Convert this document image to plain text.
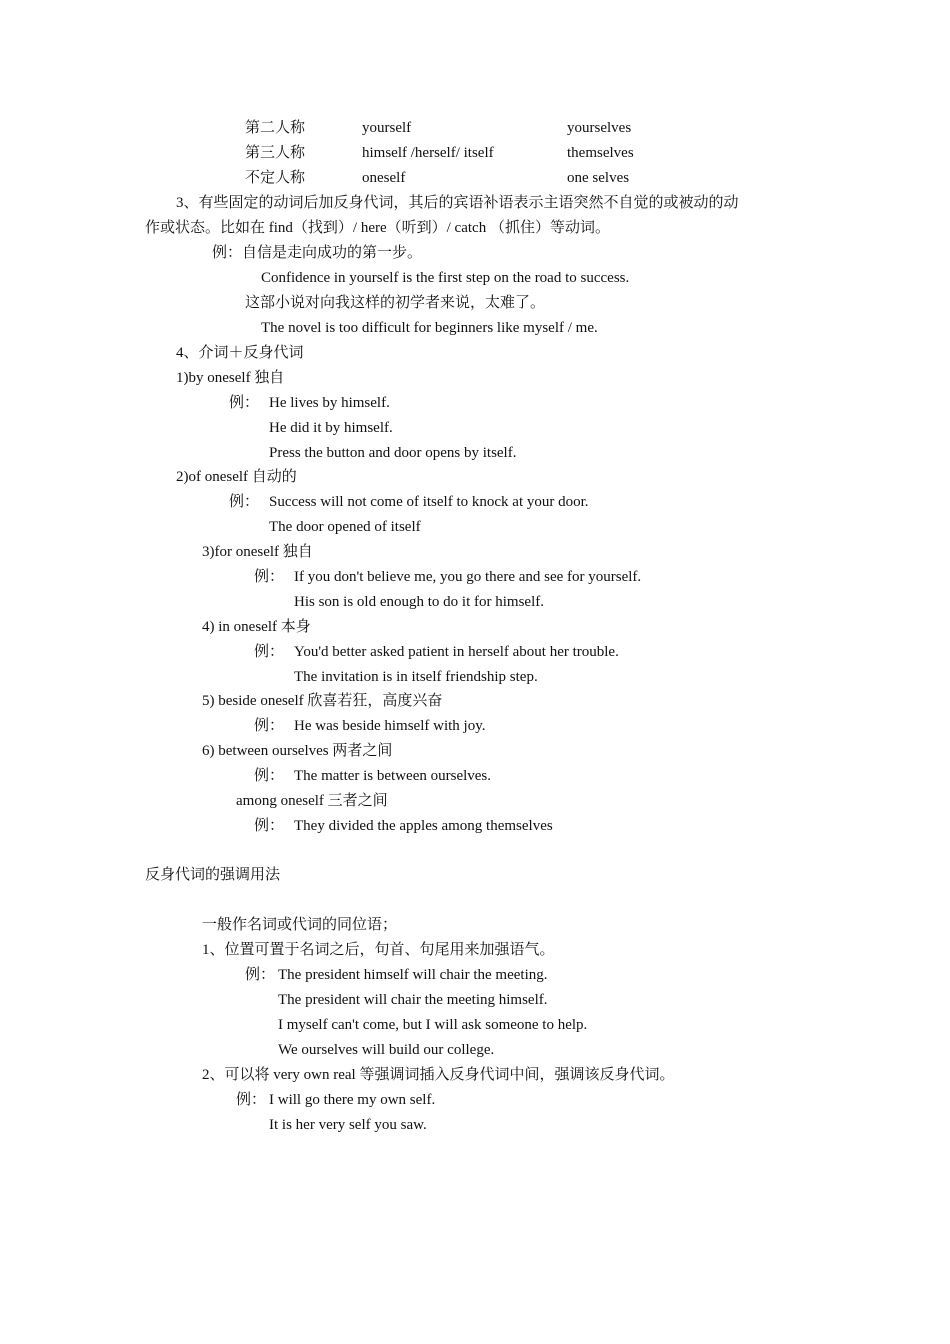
第二人称	yourself	yourselves
第三人称	himself /herself/ itself	themselves
不定人称	oneself	one selves
3、有些固定的动词后加反身代词，其后的宾语补语表示主语突然不自觉的或被动的动
作或状态。比如在 find（找到）/ here（听到）/ catch （抓住）等动词。
例：自信是走向成功的第一步。
Confidence in yourself is the first step on the road to success.
这部小说对向我这样的初学者来说，太难了。
The novel is too difficult for beginners like myself / me.
4、介词＋反身代词
1)by oneself 独自
例： He lives by himself.
He did it by himself.
Press the button and door opens by itself.
2)of oneself 自动的
例： Success will not come of itself to knock at your door.
The door opened of itself
3)for oneself 独自
例： If you don't believe me, you go there and see for yourself.
His son is old enough to do it for himself.
4) in oneself 本身
例： You'd better asked patient in herself about her trouble.
The invitation is in itself friendship step.
5) beside oneself 欣喜若狂，高度兴奋
例： He was beside himself with joy.
6) between ourselves 两者之间
例： The matter is between ourselves.
among oneself 三者之间
例： They divided the apples among themselves
反身代词的强调用法
一般作名词或代词的同位语；
1、位置可置于名词之后，句首、句尾用来加强语气。
例： The president himself will chair the meeting.
The president will chair the meeting himself.
I myself can't come, but I will ask someone to help.
We ourselves will build our college.
2、可以将 very own real 等强调词插入反身代词中间，强调该反身代词。
例： I will go there my own self.
It is her very self you saw.
